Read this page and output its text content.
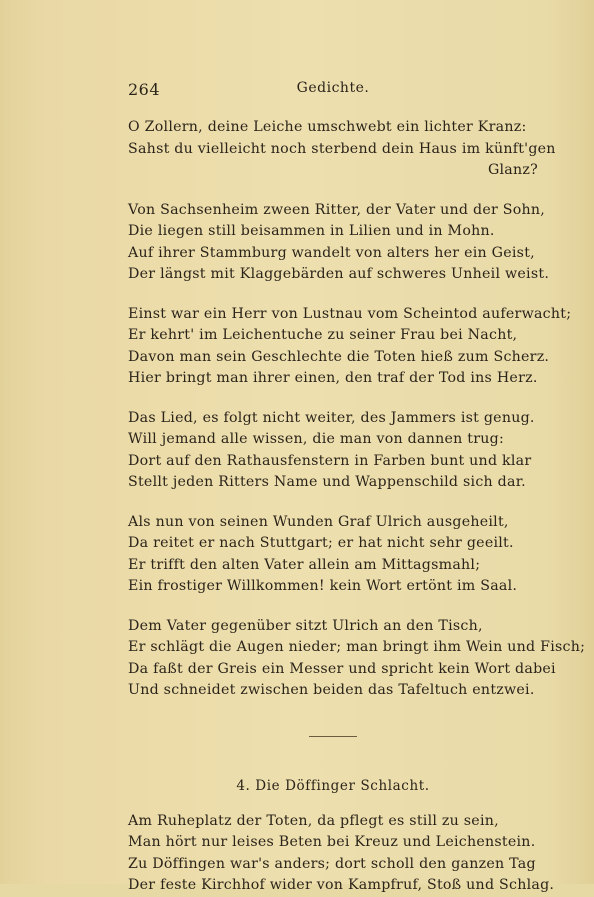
264	Gedichte.
O Zollern, deine Leiche umschwebt ein lichter Kranz:
Sahst du vielleicht noch sterbend dein Haus im künft'gen
Glanz?
Von Sachsenheim zween Ritter, der Vater und der Sohn,
Die liegen still beisammen in Lilien und in Mohn.
Auf ihrer Stammburg wandelt von alters her ein Geist,
Der längst mit Klaggebärden auf schweres Unheil weist.
Einst war ein Herr von Lustnau vom Scheintod auferwacht;
Er kehrt' im Leichentuche zu seiner Frau bei Nacht,
Davon man sein Geschlechte die Toten hieß zum Scherz.
Hier bringt man ihrer einen, den traf der Tod ins Herz.
Das Lied, es folgt nicht weiter, des Jammers ist genug.
Will jemand alle wissen, die man von dannen trug:
Dort auf den Rathausfenstern in Farben bunt und klar
Stellt jeden Ritters Name und Wappenschild sich dar.
Als nun von seinen Wunden Graf Ulrich ausgeheilt,
Da reitet er nach Stuttgart; er hat nicht sehr geeilt.
Er trifft den alten Vater allein am Mittagsmahl;
Ein frostiger Willkommen! kein Wort ertönt im Saal.
Dem Vater gegenüber sitzt Ulrich an den Tisch,
Er schlägt die Augen nieder; man bringt ihm Wein und Fisch;
Da faßt der Greis ein Messer und spricht kein Wort dabei
Und schneidet zwischen beiden das Tafeltuch entzwei.
4. Die Döffinger Schlacht.
Am Ruheplatz der Toten, da pflegt es still zu sein,
Man hört nur leises Beten bei Kreuz und Leichenstein.
Zu Döffingen war's anders; dort scholl den ganzen Tag
Der feste Kirchhof wider von Kampfruf, Stoß und Schlag.
